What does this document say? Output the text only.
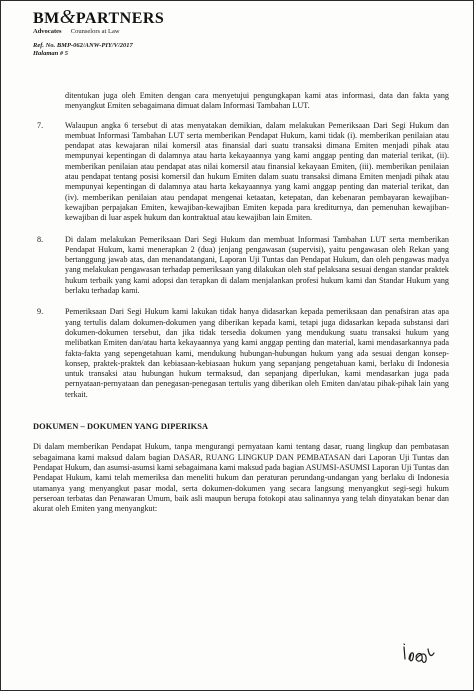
BM&PARTNERS
Advocates Counselors at Law
Ref. No. BMP-062/ANW-PIY/V/2017
Halaman # 5

ditentukan juga oleh Emiten dengan cara menyetujui pengungkapan kami atas informasi, data dan fakta yang menyangkut Emiten sebagaimana dimuat dalam Informasi Tambahan LUT.

7.	Walaupun angka 6 tersebut di atas menyatakan demikian, dalam melakukan Pemeriksaan Dari Segi Hukum dan membuat Informasi Tambahan LUT serta memberikan Pendapat Hukum, kami tidak (i). memberikan penilaian atau pendapat atas kewajaran nilai komersil atas finansial dari suatu transaksi dimana Emiten menjadi pihak atau mempunyai kepentingan di dalamnya atau harta kekayaannya yang kami anggap penting dan material terikat, (ii). memberikan penilaian atau pendapat atas nilai komersil atau finansial kekayaan Emiten, (iii). memberikan penilaian atau pendapat tentang posisi komersil dan hukum Emiten dalam suatu transaksi dimana Emiten menjadi pihak atau mempunyai kepentingan di dalamnya atau harta kekayaannya yang kami anggap penting dan material terikat, dan (iv). memberikan penilaian atau pendapat mengenai ketaatan, ketepatan, dan kebenaran pembayaran kewajiban-kewajiban perpajakan Emiten, kewajiban-kewajiban Emiten kepada para krediturnya, dan pemenuhan kewajiban-kewajiban di luar aspek hukum dan kontraktual atau kewajiban lain Emiten.
8.	Di dalam melakukan Pemeriksaan Dari Segi Hukum dan membuat Informasi Tambahan LUT serta memberikan Pendapat Hukum, kami menerapkan 2 (dua) jenjang pengawasan (supervisi), yaitu pengawasan oleh Rekan yang bertanggung jawab atas, dan menandatangani, Laporan Uji Tuntas dan Pendapat Hukum, dan oleh pengawas madya yang melakukan pengawasan terhadap pemeriksaan yang dilakukan oleh staf pelaksana sesuai dengan standar praktek hukum terbaik yang kami adopsi dan terapkan di dalam menjalankan profesi hukum kami dan Standar Hukum yang berlaku terhadap kami.
9.	Pemeriksaan Dari Segi Hukum kami lakukan tidak hanya didasarkan kepada pemeriksaan dan penafsiran atas apa yang tertulis dalam dokumen-dokumen yang diberikan kepada kami, tetapi juga didasarkan kepada substansi dari dokumen-dokumen tersebut, dan jika tidak tersedia dokumen yang mendukung suatu transaksi hukum yang melibatkan Emiten dan/atau harta kekayaannya yang kami anggap penting dan material, kami mendasarkannya pada fakta-fakta yang sepengetahuan kami, mendukung hubungan-hubungan hukum yang ada sesuai dengan konsep-konsep, praktek-praktek dan kebiasaan-kebiasaan hukum yang sepanjang pengetahuan kami, berlaku di Indonesia untuk transaksi atau hubungan hukum termaksud, dan sepanjang diperlukan, kami mendasarkan juga pada pernyataan-pernyataan dan penegasan-penegasan tertulis yang diberikan oleh Emiten dan/atau pihak-pihak lain yang terkait.
DOKUMEN – DOKUMEN YANG DIPERIKSA

Di dalam memberikan Pendapat Hukum, tanpa mengurangi pernyataan kami tentang dasar, ruang lingkup dan pembatasan sebagaimana kami maksud dalam bagian DASAR, RUANG LINGKUP DAN PEMBATASAN dari Laporan Uji Tuntas dan Pendapat Hukum, dan asumsi-asumsi kami sebagaimana kami maksud pada bagian ASUMSI-ASUMSI Laporan Uji Tuntas dan Pendapat Hukum, kami telah memeriksa dan meneliti hukum dan peraturan perundang-undangan yang berlaku di Indonesia utamanya yang menyangkut pasar modal, serta dokumen-dokumen yang secara langsung menyangkut segi-segi hukum perseroan terbatas dan Penawaran Umum, baik asli maupun berupa fotokopi atau salinannya yang telah dinyatakan benar dan akurat oleh Emiten yang menyangkut:
